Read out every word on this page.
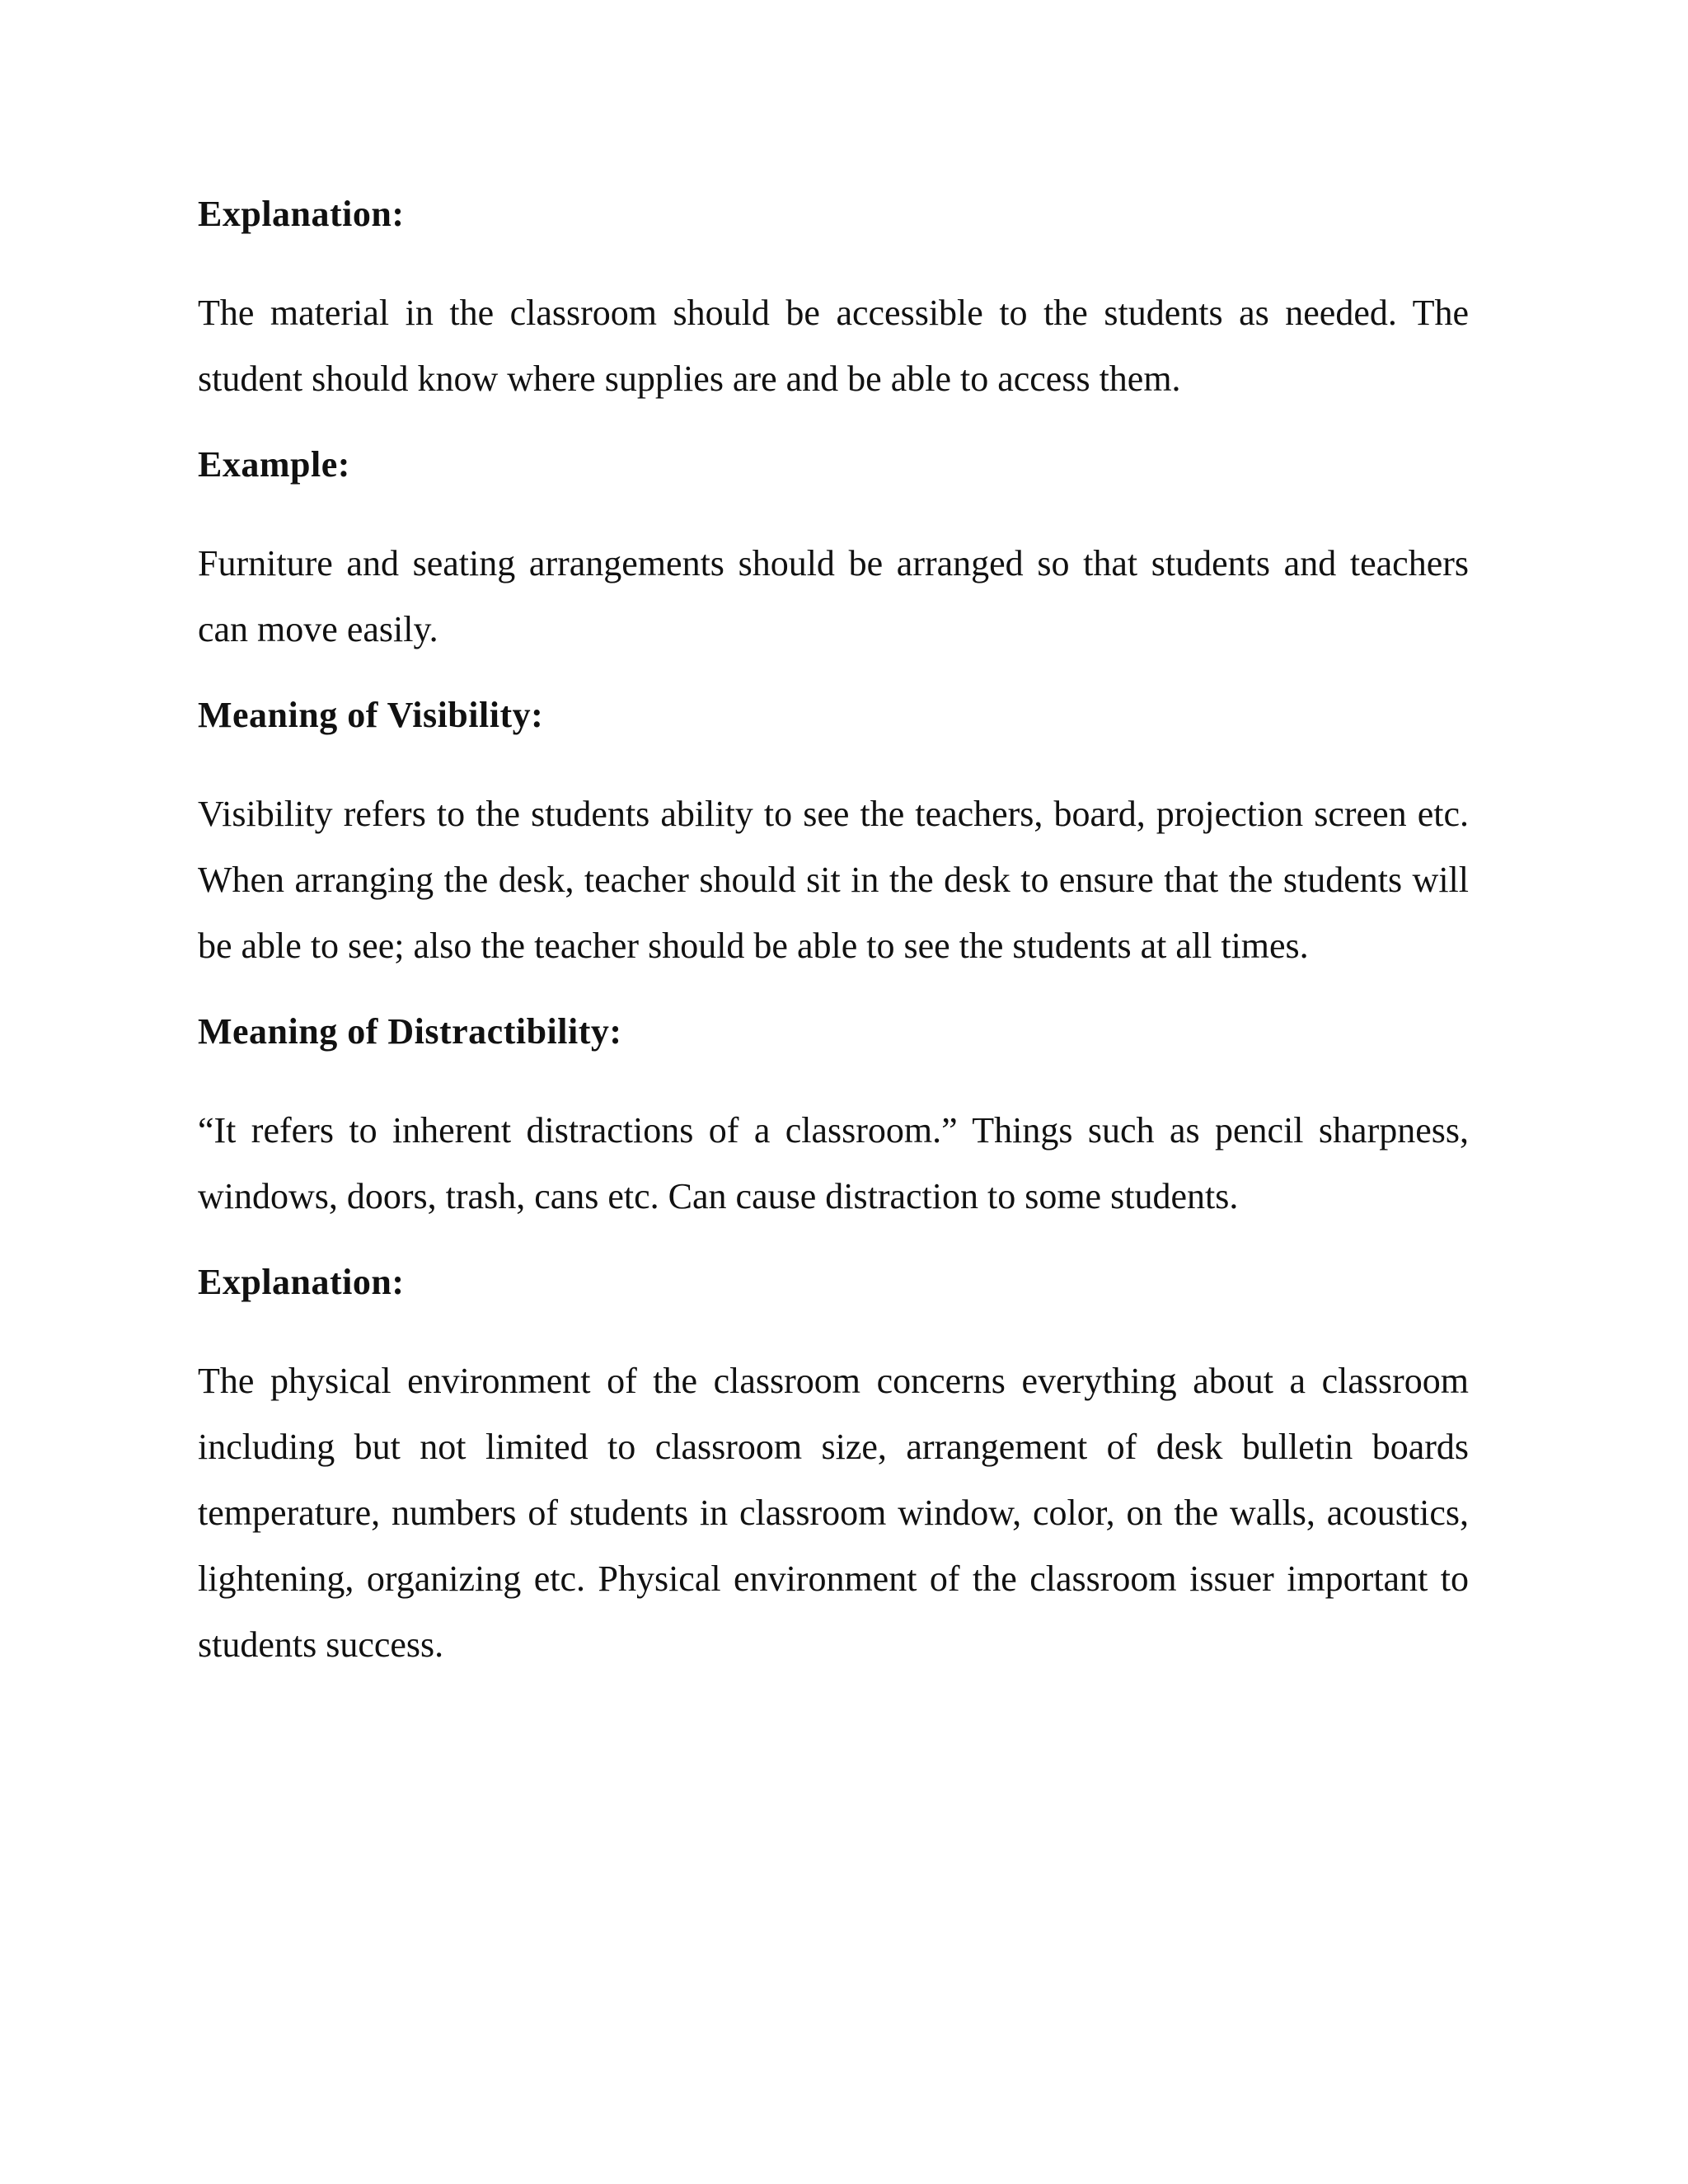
Explanation:
The material in the classroom should be accessible to the students as needed. The student should know where supplies are and be able to access them.
Example:
Furniture and seating arrangements should be arranged so that students and teachers can move easily.
Meaning of Visibility:
Visibility refers to the students ability to see the teachers, board, projection screen etc. When arranging the desk, teacher should sit in the desk to ensure that the students will be able to see; also the teacher should be able to see the students at all times.
Meaning of Distractibility:
“It refers to inherent distractions of a classroom.” Things such as pencil sharpness, windows, doors, trash, cans etc. Can cause distraction to some students.
Explanation:
The physical environment of the classroom concerns everything about a classroom including but not limited to classroom size, arrangement of desk bulletin boards temperature, numbers of students in classroom window, color, on the walls, acoustics, lightening, organizing etc. Physical environment of the classroom issuer important to students success.
